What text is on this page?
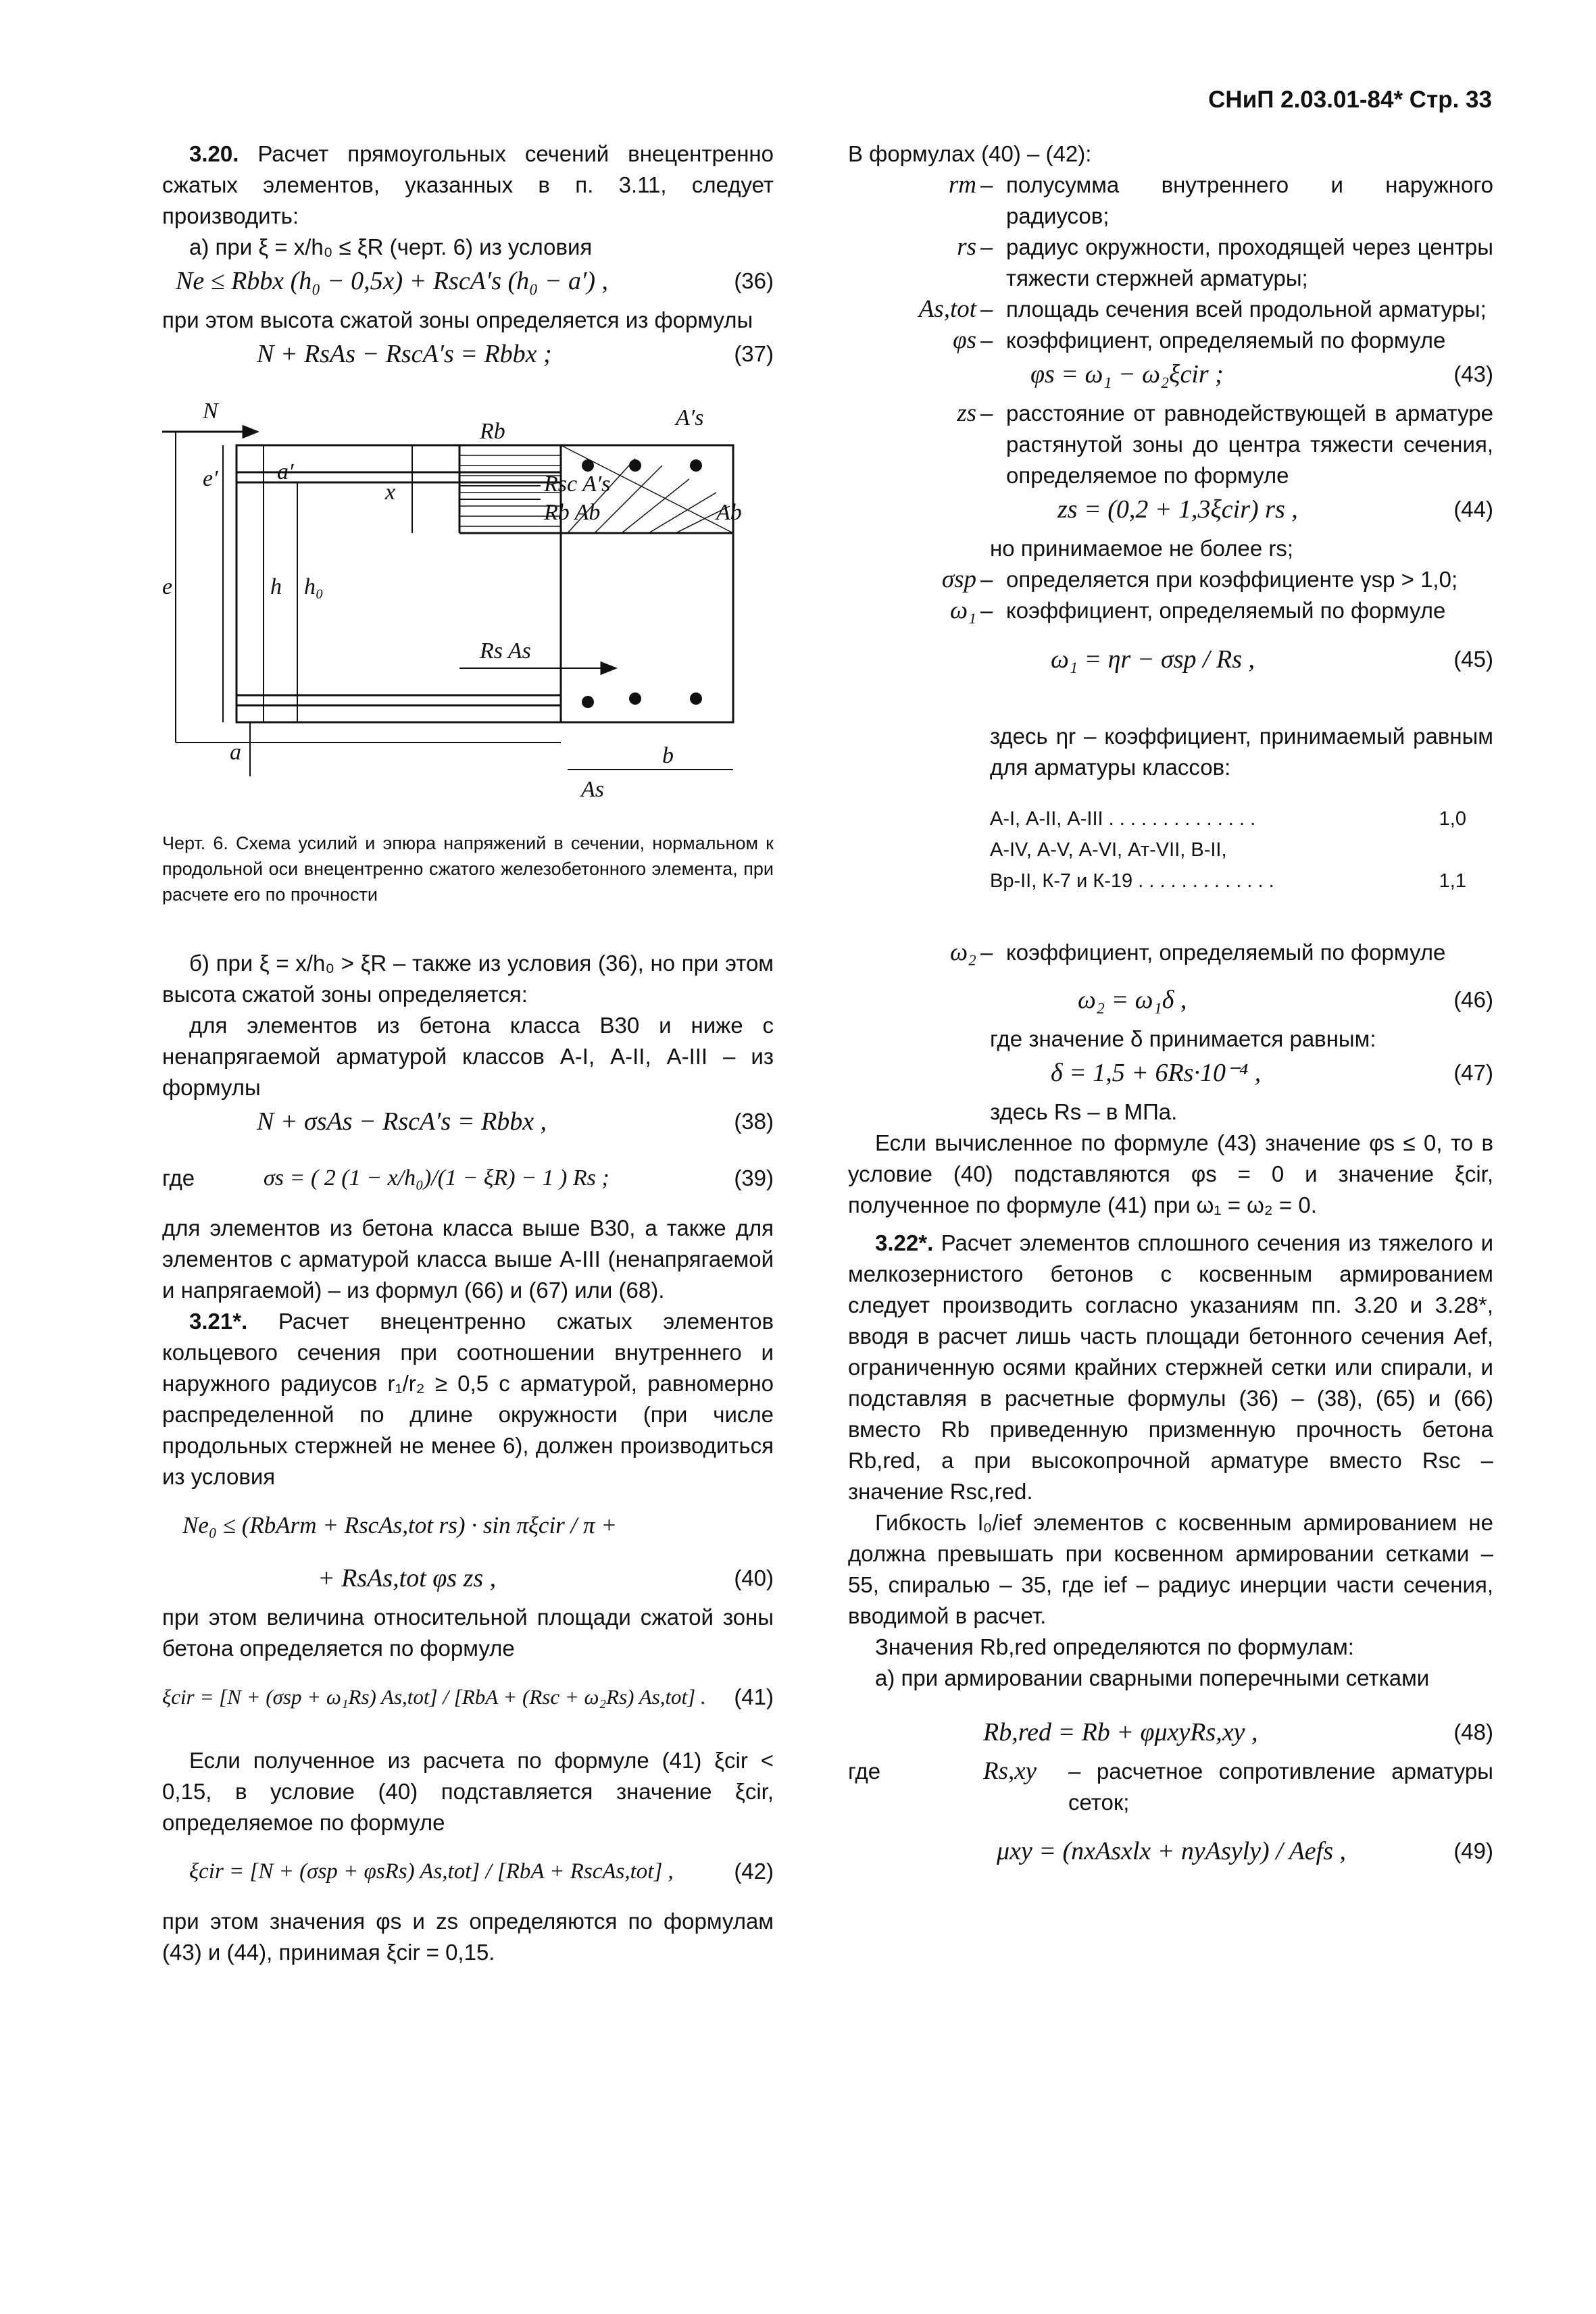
СНиП 2.03.01-84* Стр. 33

3.20. Расчет прямоугольных сечений внецентренно сжатых элементов, указанных в п. 3.11, следует производить:

а) при ξ = x/h₀ ≤ ξR (черт. 6) из условия

Ne ≤ Rbbx (h₀ − 0,5x) + RscA′s (h₀ − a′) ,	(36)

при этом высота сжатой зоны определяется из формулы

N + RsAs − RscA′s = Rbbx ;	(37)
N
e′	a′
A′s
Rb
Rsc A′s
Rb Ab
x
Ab
e	h h₀
Rs As
a
As
b

Черт. 6. Схема усилий и эпюра напряжений в сечении, нормальном к продольной оси внецентренно сжатого железобетонного элемента, при расчете его по прочности

б) при ξ = x/h₀ > ξR – также из условия (36), но при этом высота сжатой зоны определяется:

для элементов из бетона класса В30 и ниже с ненапрягаемой арматурой классов А-I, А-II, А-III – из формулы

N + σsAs − RscA′s = Rbbx ,	(38)
где	σs = ( 2 (1 − x/h₀)/(1 − ξR) − 1 ) Rs ;	(39)

для элементов из бетона класса выше В30, а также для элементов с арматурой класса выше А-III (ненапрягаемой и напрягаемой) – из формул (66) и (67) или (68).

3.21*. Расчет внецентренно сжатых элементов кольцевого сечения при соотношении внутреннего и наружного радиусов r₁/r₂ ≥ 0,5 с арматурой, равномерно распределенной по длине окружности (при числе продольных стержней не менее 6), должен производиться из условия

Ne₀ ≤ (RbArm + RscAs,tot rs) · sin πξcir / π +
+ RsAs,tot φs zs ,	(40)

при этом величина относительной площади сжатой зоны бетона определяется по формуле

ξcir = [N + (σsp + ω₁Rs) As,tot] / [RbA + (Rsc + ω₂Rs) As,tot] . (41)

Если полученное из расчета по формуле (41) ξcir < 0,15, в условие (40) подставляется значение ξcir, определяемое по формуле

ξcir = [N + (σsp + φsRs) As,tot] / [RbA + RscAs,tot] ,	(42)

при этом значения φs и zs определяются по формулам (43) и (44), принимая ξcir = 0,15.

В формулах (40) – (42):

rm – полусумма внутреннего и наружного радиусов;
rs – радиус окружности, проходящей через центры тяжести стержней арматуры;
As,tot – площадь сечения всей продольной арматуры;
φs – коэффициент, определяемый по формуле
φs = ω₁ − ω₂ξcir ;	(43)
zs – расстояние от равнодействующей в арматуре растянутой зоны до центра тяжести сечения, определяемое по формуле
zs = (0,2 + 1,3ξcir) rs ,	(44)

но принимаемое не более rs;

σsp – определяется при коэффициенте γsp > 1,0;
ω₁ – коэффициент, определяемый по формуле
ω₁ = ηr − σsp / Rs ,	(45)

здесь ηr – коэффициент, принимаемый равным для арматуры классов:

А-I, А-II, А-III . . . . . . . . . . . . . .	1,0
А-IV, А-V, А-VI, Ат-VII, В-II,
Вр-II, К-7 и К-19 . . . . . . . . . . . . .	1,1
ω₂ – коэффициент, определяемый по формуле
ω₂ = ω₁δ ,	(46)

где значение δ принимается равным:

δ = 1,5 + 6Rs·10⁻⁴ ,	(47)

здесь Rs – в МПа.

Если вычисленное по формуле (43) значение φs ≤ 0, то в условие (40) подставляются φs = 0 и значение ξcir, полученное по формуле (41) при ω₁ = ω₂ = 0.

3.22*. Расчет элементов сплошного сечения из тяжелого и мелкозернистого бетонов с косвенным армированием следует производить согласно указаниям пп. 3.20 и 3.28*, вводя в расчет лишь часть площади бетонного сечения Aef, ограниченную осями крайних стержней сетки или спирали, и подставляя в расчетные формулы (36) – (38), (65) и (66) вместо Rb приведенную призменную прочность бетона Rb,red, а при высокопрочной арматуре вместо Rsc – значение Rsc,red.

Гибкость l₀/ief элементов с косвенным армированием не должна превышать при косвенном армировании сетками – 55, спиралью – 35, где ief – радиус инерции части сечения, вводимой в расчет.

Значения Rb,red определяются по формулам:

а) при армировании сварными поперечными сетками

Rb,red = Rb + φμxyRs,xy ,	(48)
где	Rs,xy	– расчетное сопротивление арматуры сеток;
μxy = (nxAsxlx + nyAsyly) / Aefs ,	(49)
